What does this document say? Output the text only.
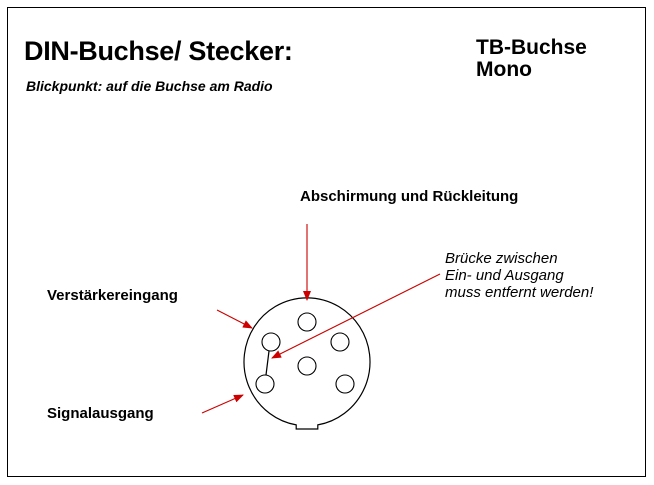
DIN-Buchse/ Stecker:
Blickpunkt: auf die Buchse am Radio
TB-Buchse
Mono
Abschirmung und Rückleitung
Verstärkereingang
Signalausgang
Brücke zwischen
Ein- und Ausgang
muss entfernt werden!
